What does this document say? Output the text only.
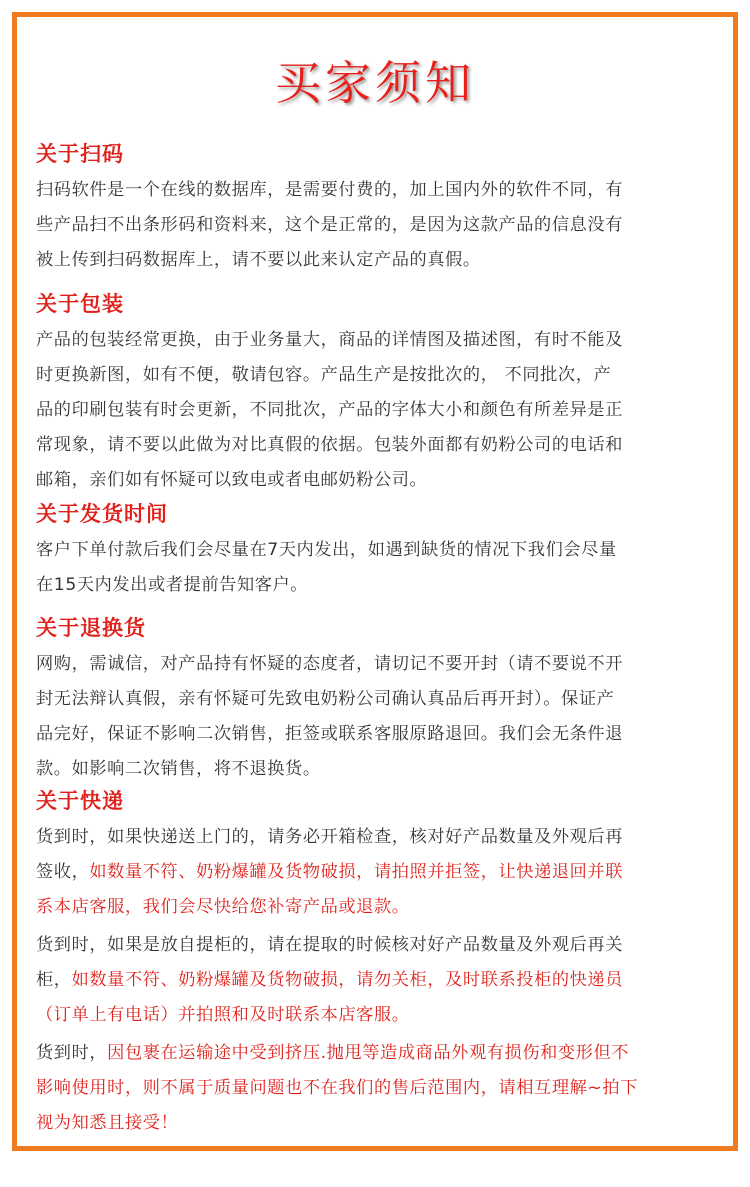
买家须知
关于扫码
扫码软件是一个在线的数据库，是需要付费的，加上国内外的软件不同，有
些产品扫不出条形码和资料来，这个是正常的，是因为这款产品的信息没有
被上传到扫码数据库上，请不要以此来认定产品的真假。
关于包装
产品的包装经常更换，由于业务量大，商品的详情图及描述图，有时不能及
时更换新图，如有不便，敬请包容。产品生产是按批次的， 不同批次，产
品的印刷包装有时会更新，不同批次，产品的字体大小和颜色有所差异是正
常现象，请不要以此做为对比真假的依据。包装外面都有奶粉公司的电话和
邮箱，亲们如有怀疑可以致电或者电邮奶粉公司。
关于发货时间
客户下单付款后我们会尽量在7天内发出，如遇到缺货的情况下我们会尽量
在15天内发出或者提前告知客户。
关于退换货
网购，需诚信，对产品持有怀疑的态度者，请切记不要开封（请不要说不开
封无法辩认真假，亲有怀疑可先致电奶粉公司确认真品后再开封）。保证产
品完好，保证不影响二次销售，拒签或联系客服原路退回。我们会无条件退
款。如影响二次销售，将不退换货。
关于快递
货到时，如果快递送上门的，请务必开箱检查，核对好产品数量及外观后再
签收，如数量不符、奶粉爆罐及货物破损，请拍照并拒签，让快递退回并联
系本店客服，我们会尽快给您补寄产品或退款。
货到时，如果是放自提柜的，请在提取的时候核对好产品数量及外观后再关
柜，如数量不符、奶粉爆罐及货物破损，请勿关柜，及时联系投柜的快递员
（订单上有电话）并拍照和及时联系本店客服。
货到时，因包裹在运输途中受到挤压.抛甩等造成商品外观有损伤和变形但不
影响使用时，则不属于质量问题也不在我们的售后范围内，请相互理解~拍下
视为知悉且接受！
